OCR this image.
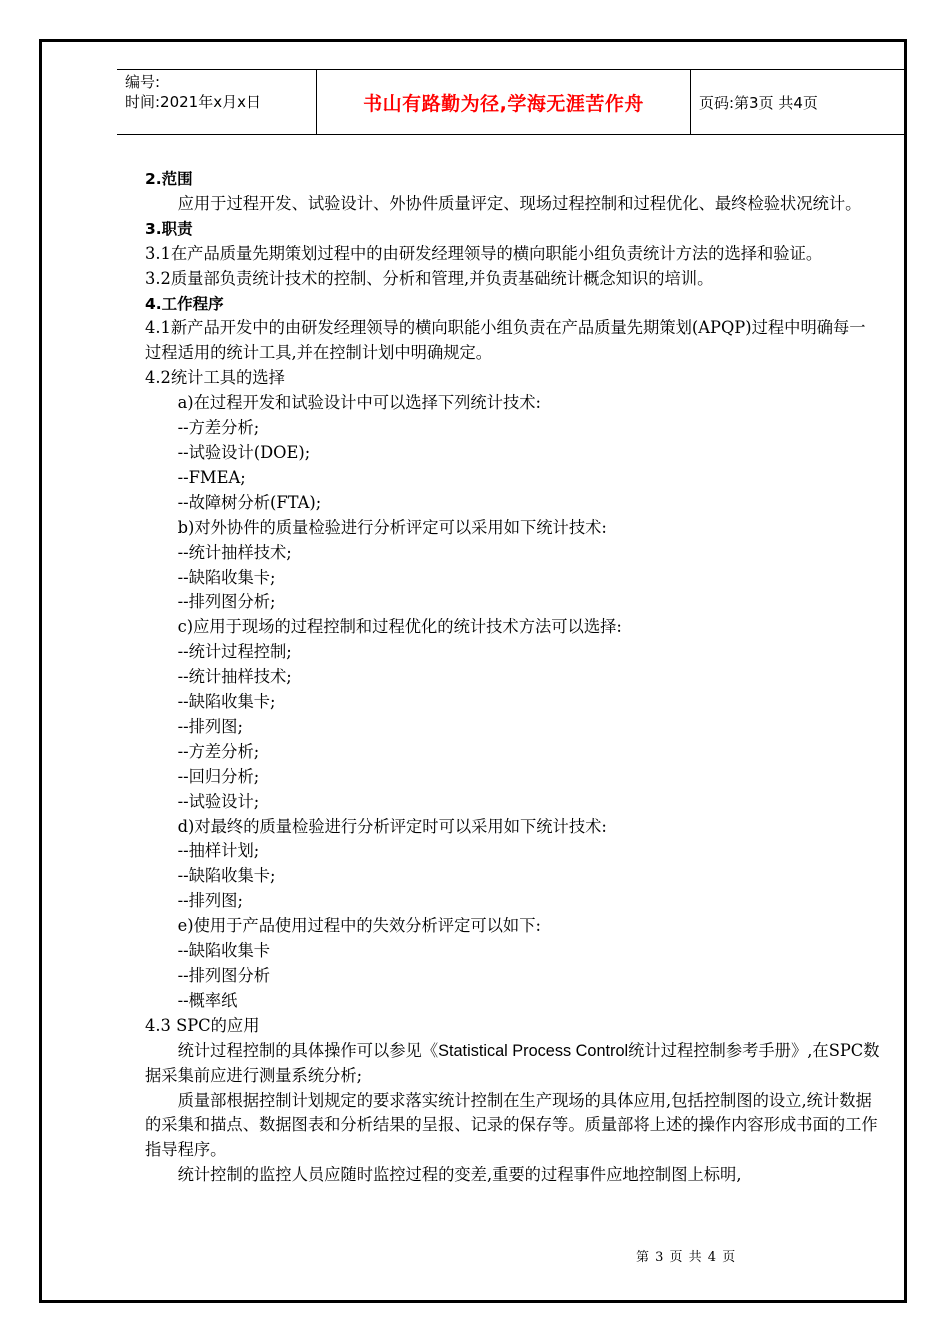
编号:
时间:2021年x月x日	书山有路勤为径,学海无涯苦作舟	页码:第3页 共4页

2.范围

应用于过程开发、试验设计、外协件质量评定、现场过程控制和过程优化、最终检验状况统计。

3.职责

3.1在产品质量先期策划过程中的由研发经理领导的横向职能小组负责统计方法的选择和验证。

3.2质量部负责统计技术的控制、分析和管理,并负责基础统计概念知识的培训。

4.工作程序

4.1新产品开发中的由研发经理领导的横向职能小组负责在产品质量先期策划(APQP)过程中明确每一过程适用的统计工具,并在控制计划中明确规定。

4.2统计工具的选择

a)在过程开发和试验设计中可以选择下列统计技术:

--方差分析;

--试验设计(DOE);

--FMEA;

--故障树分析(FTA);

b)对外协件的质量检验进行分析评定可以采用如下统计技术:

--统计抽样技术;

--缺陷收集卡;

--排列图分析;

c)应用于现场的过程控制和过程优化的统计技术方法可以选择:

--统计过程控制;

--统计抽样技术;

--缺陷收集卡;

--排列图;

--方差分析;

--回归分析;

--试验设计;

d)对最终的质量检验进行分析评定时可以采用如下统计技术:

--抽样计划;

--缺陷收集卡;

--排列图;

e)使用于产品使用过程中的失效分析评定可以如下:

--缺陷收集卡

--排列图分析

--概率纸

4.3 SPC的应用

统计过程控制的具体操作可以参见《Statistical Process Control统计过程控制参考手册》,在SPC数据采集前应进行测量系统分析;

质量部根据控制计划规定的要求落实统计控制在生产现场的具体应用,包括控制图的设立,统计数据的采集和描点、数据图表和分析结果的呈报、记录的保存等。质量部将上述的操作内容形成书面的工作指导程序。

统计控制的监控人员应随时监控过程的变差,重要的过程事件应地控制图上标明,

第 3 页 共 4 页
